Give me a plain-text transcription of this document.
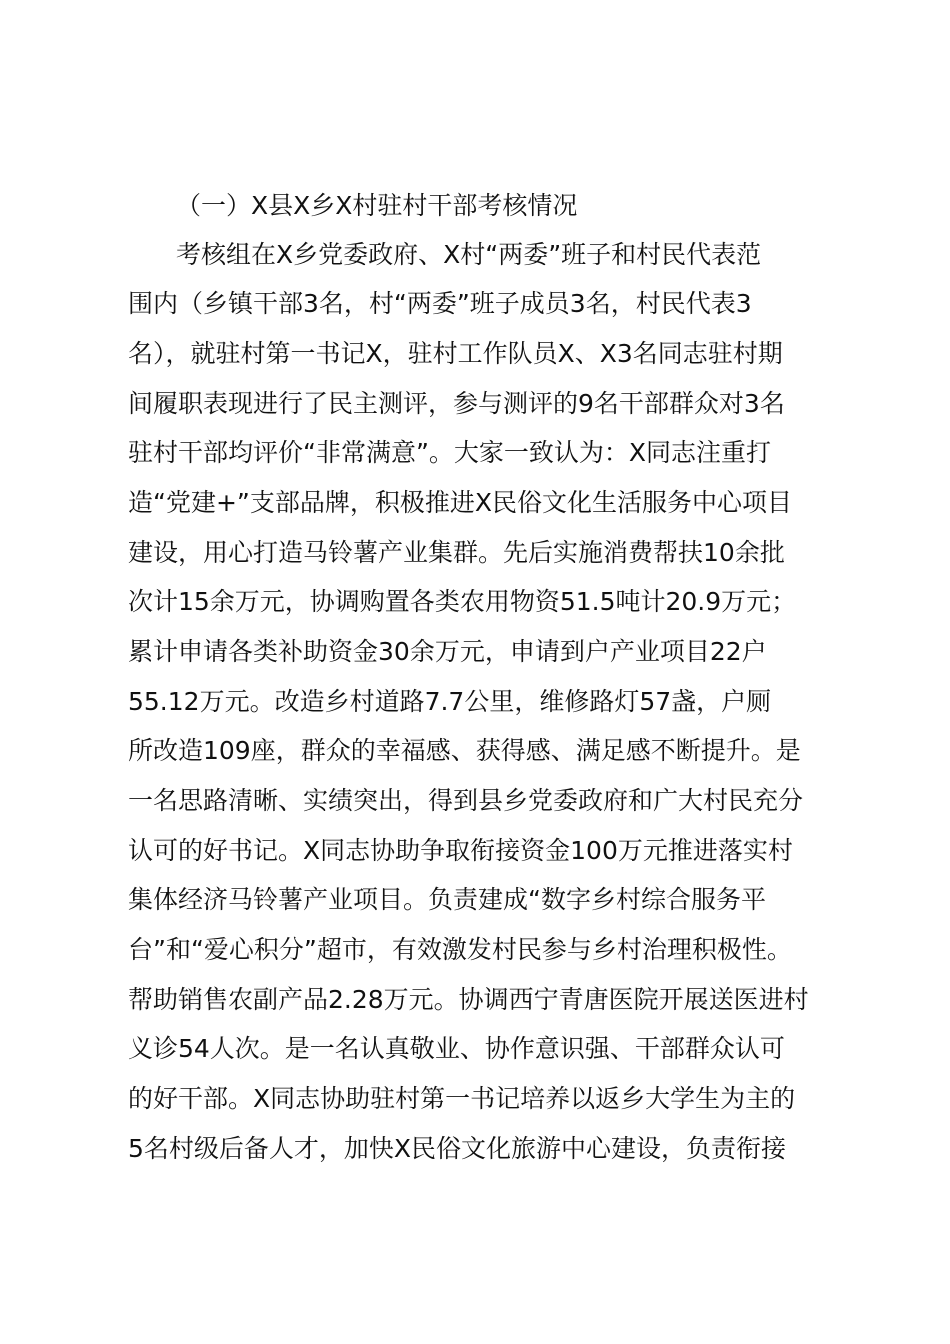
（一）X县X乡X村驻村干部考核情况
考核组在X乡党委政府、X村“两委”班子和村民代表范
围内（乡镇干部3名，村“两委”班子成员3名，村民代表3
名），就驻村第一书记X，驻村工作队员X、X3名同志驻村期
间履职表现进行了民主测评，参与测评的9名干部群众对3名
驻村干部均评价“非常满意”。大家一致认为：X同志注重打
造“党建+”支部品牌，积极推进X民俗文化生活服务中心项目
建设，用心打造马铃薯产业集群。先后实施消费帮扶10余批
次计15余万元，协调购置各类农用物资51.5吨计20.9万元；
累计申请各类补助资金30余万元，申请到户产业项目22户
55.12万元。改造乡村道路7.7公里，维修路灯57盏，户厕
所改造109座，群众的幸福感、获得感、满足感不断提升。是
一名思路清晰、实绩突出，得到县乡党委政府和广大村民充分
认可的好书记。X同志协助争取衔接资金100万元推进落实村
集体经济马铃薯产业项目。负责建成“数字乡村综合服务平
台”和“爱心积分”超市，有效激发村民参与乡村治理积极性。
帮助销售农副产品2.28万元。协调西宁青唐医院开展送医进村
义诊54人次。是一名认真敬业、协作意识强、干部群众认可
的好干部。X同志协助驻村第一书记培养以返乡大学生为主的
5名村级后备人才，加快X民俗文化旅游中心建设，负责衔接
